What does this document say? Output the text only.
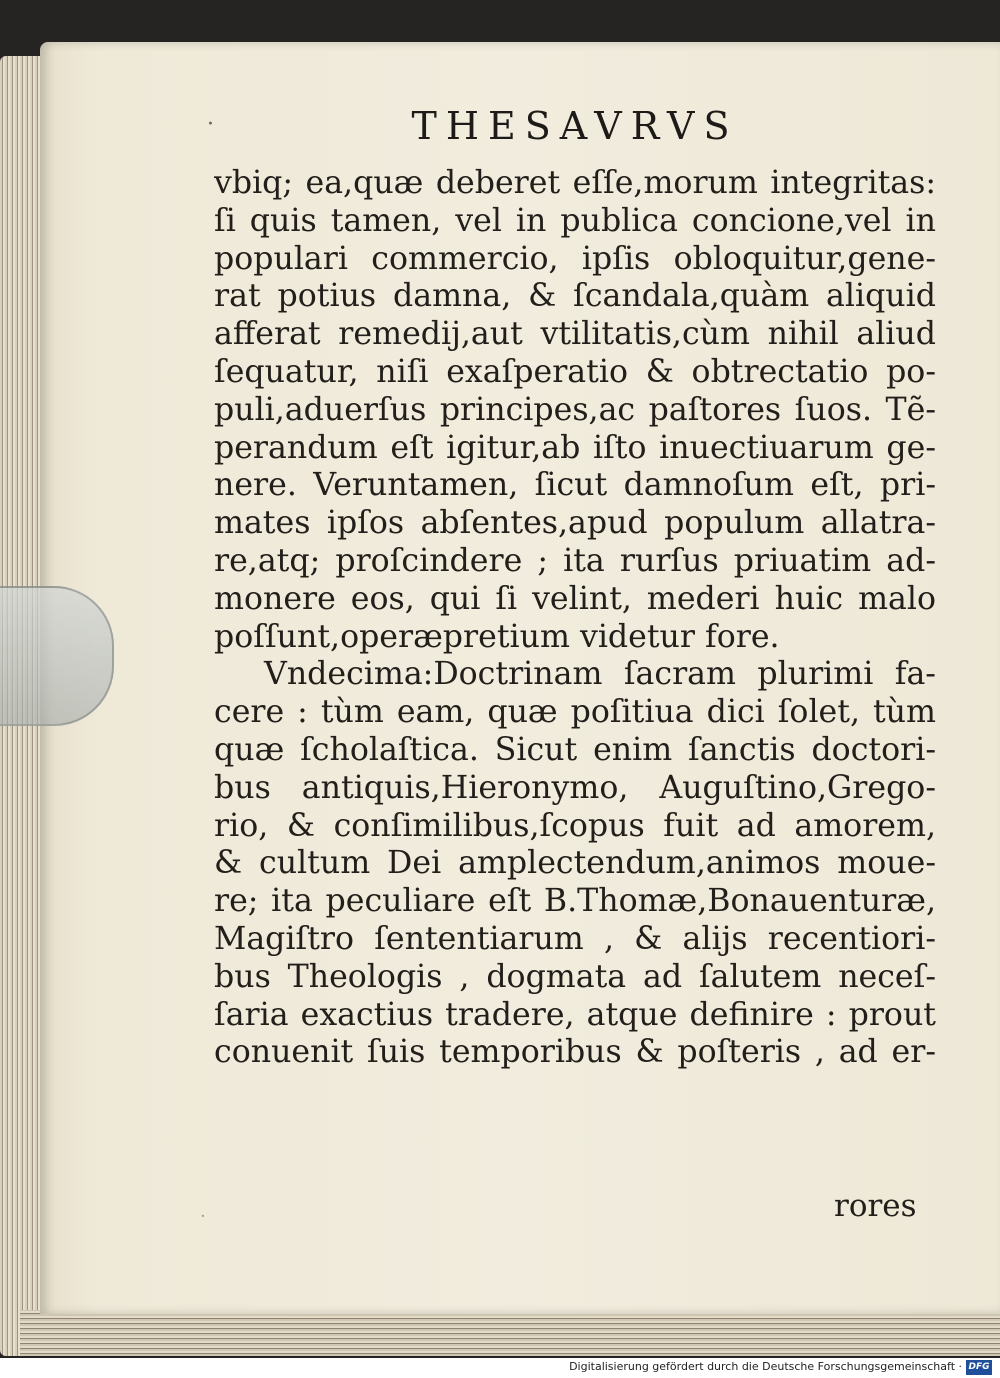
·	THESAVRVS
vbiq; ea,quæ deberet eſſe,morum integritas:
ſi quis tamen, vel in publica concione,vel in
populari commercio, ipſis obloquitur,gene-
rat potius damna, & ſcandala,quàm aliquid
afferat remedij,aut vtilitatis,cùm nihil aliud
ſequatur, niſi exaſperatio & obtrectatio po-
puli,aduerſus principes,ac paſtores ſuos. Tẽ-
perandum eſt igitur,ab iſto inuectiuarum ge-
nere. Veruntamen, ſicut damnoſum eſt, pri-
mates ipſos abſentes,apud populum allatra-
re,atq; proſcindere ; ita rurſus priuatim ad-
monere eos, qui ſi velint, mederi huic malo
poſſunt,operæpretium videtur fore.
Vndecima:Doctrinam ſacram plurimi fa-
cere : tùm eam, quæ poſitiua dici ſolet, tùm
quæ ſcholaſtica. Sicut enim ſanctis doctori-
bus antiquis,Hieronymo, Auguſtino,Grego-
rio, & conſimilibus,ſcopus fuit ad amorem,
& cultum Dei amplectendum,animos moue-
re; ita peculiare eſt B.Thomæ,Bonauenturæ,
Magiſtro ſententiarum , & alijs recentiori-
bus Theologis , dogmata ad ſalutem neceſ-
ſaria exactius tradere, atque definire : prout
conuenit ſuis temporibus & poſteris , ad er-
rores
·
Digitalisierung gefördert durch die Deutsche Forschungsgemeinschaft · DFG
